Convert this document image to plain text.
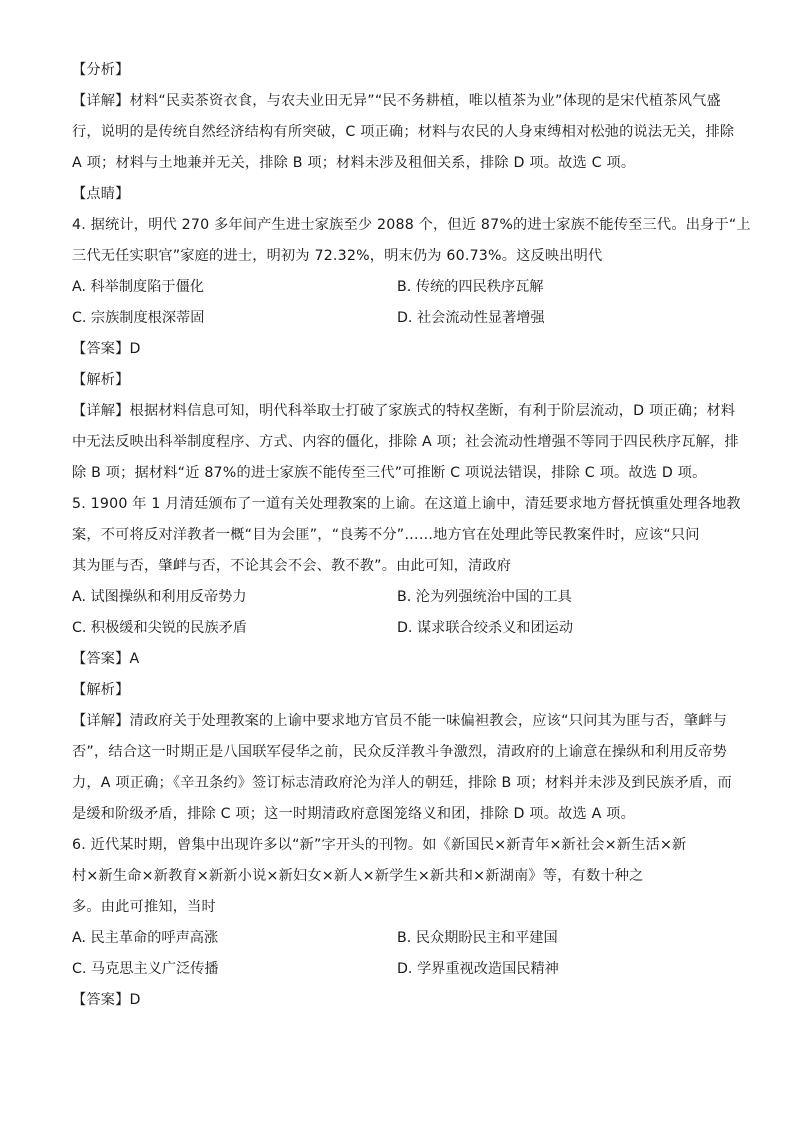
【分析】
【详解】材料“民卖茶资衣食，与农夫业田无异”“民不务耕植，唯以植茶为业”体现的是宋代植茶风气盛
行，说明的是传统自然经济结构有所突破，C 项正确；材料与农民的人身束缚相对松弛的说法无关，排除
A 项；材料与土地兼并无关，排除 B 项；材料未涉及租佃关系，排除 D 项。故选 C 项。
【点睛】
4. 据统计，明代 270 多年间产生进士家族至少 2088 个，但近 87%的进士家族不能传至三代。出身于“上
三代无任实职官”家庭的进士，明初为 72.32%，明末仍为 60.73%。这反映出明代
A. 科举制度陷于僵化	B. 传统的四民秩序瓦解
C. 宗族制度根深蒂固	D. 社会流动性显著增强
【答案】D
【解析】
【详解】根据材料信息可知，明代科举取士打破了家族式的特权垄断，有利于阶层流动，D 项正确；材料
中无法反映出科举制度程序、方式、内容的僵化，排除 A 项；社会流动性增强不等同于四民秩序瓦解，排
除 B 项；据材料“近 87%的进士家族不能传至三代”可推断 C 项说法错误，排除 C 项。故选 D 项。
5. 1900 年 1 月清廷颁布了一道有关处理教案的上谕。在这道上谕中，清廷要求地方督抚慎重处理各地教
案，不可将反对洋教者一概“目为会匪”，“良莠不分”……地方官在处理此等民教案件时，应该“只问
其为匪与否，肇衅与否，不论其会不会、教不教”。由此可知，清政府
A. 试图操纵和利用反帝势力	B. 沦为列强统治中国的工具
C. 积极缓和尖锐的民族矛盾	D. 谋求联合绞杀义和团运动
【答案】A
【解析】
【详解】清政府关于处理教案的上谕中要求地方官员不能一味偏袒教会，应该“只问其为匪与否，肇衅与
否”，结合这一时期正是八国联军侵华之前，民众反洋教斗争激烈，清政府的上谕意在操纵和利用反帝势
力，A 项正确；《辛丑条约》签订标志清政府沦为洋人的朝廷，排除 B 项；材料并未涉及到民族矛盾，而
是缓和阶级矛盾，排除 C 项；这一时期清政府意图笼络义和团，排除 D 项。故选 A 项。
6. 近代某时期，曾集中出现许多以“新”字开头的刊物。如《新国民×新青年×新社会×新生活×新
村×新生命×新教育×新新小说×新妇女×新人×新学生×新共和×新湖南》等，有数十种之
多。由此可推知，当时
A. 民主革命的呼声高涨	B. 民众期盼民主和平建国
C. 马克思主义广泛传播	D. 学界重视改造国民精神
【答案】D
